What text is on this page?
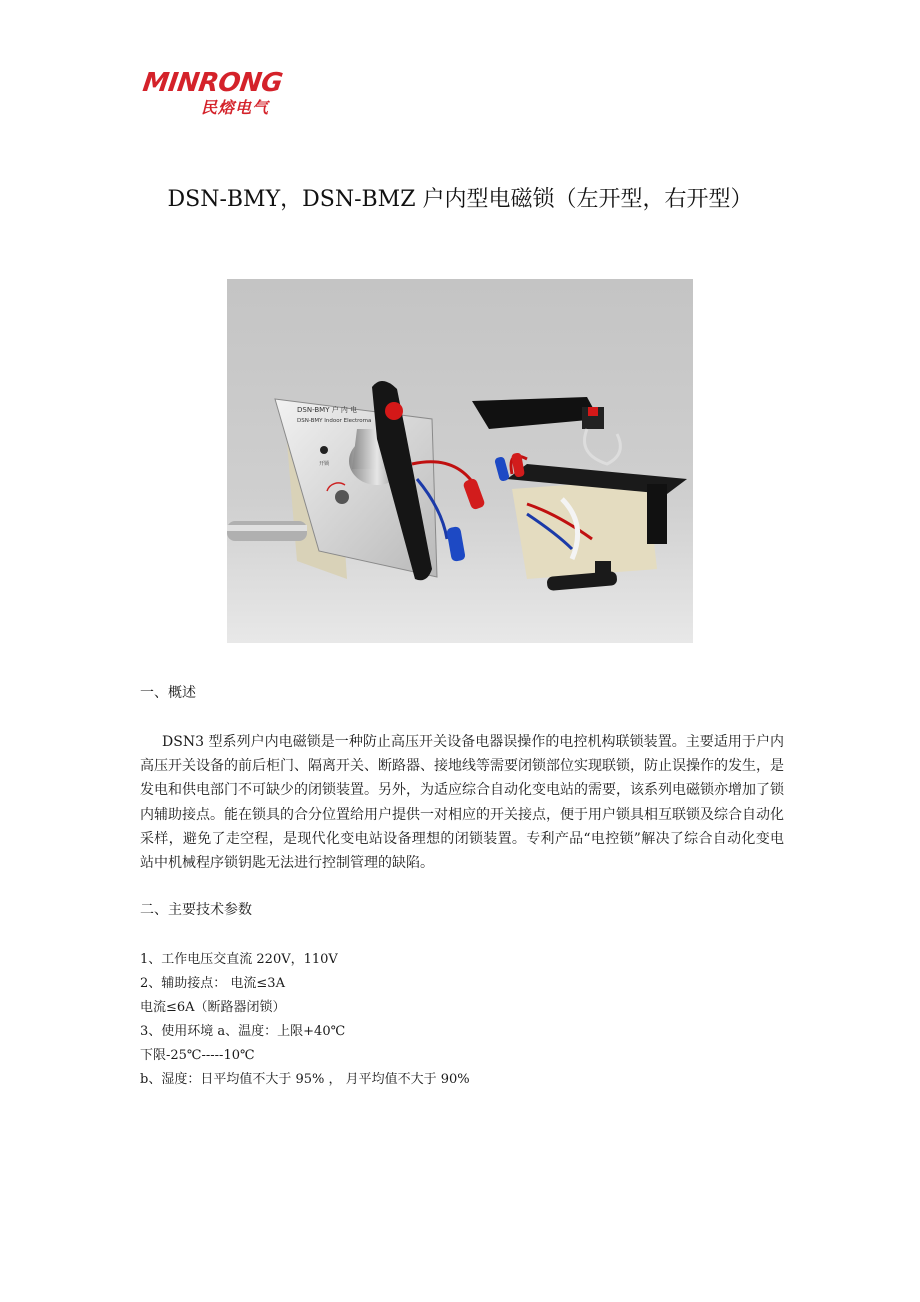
MINRONG
民熔电气
DSN-BMY，DSN-BMZ 户内型电磁锁（左开型，右开型）
DSN-BMY 户 内 电
DSN-BMY Indoor Electroma
开锁
一、概述
DSN3 型系列户内电磁锁是一种防止高压开关设备电器误操作的电控机构联锁装置。主要适用于户内高压开关设备的前后柜门、隔离开关、断路器、接地线等需要闭锁部位实现联锁，防止误操作的发生，是发电和供电部门不可缺少的闭锁装置。另外，为适应综合自动化变电站的需要，该系列电磁锁亦增加了锁内辅助接点。能在锁具的合分位置给用户提供一对相应的开关接点，便于用户锁具相互联锁及综合自动化采样，避免了走空程，是现代化变电站设备理想的闭锁装置。专利产品“电控锁”解决了综合自动化变电站中机械程序锁钥匙无法进行控制管理的缺陷。
二、主要技术参数
1、工作电压交直流 220V，110V
2、辅助接点： 电流≤3A
电流≤6A（断路器闭锁）
3、使用环境 a、温度：上限+40℃
下限-25℃-----10℃
b、湿度：日平均值不大于 95% ， 月平均值不大于 90%
